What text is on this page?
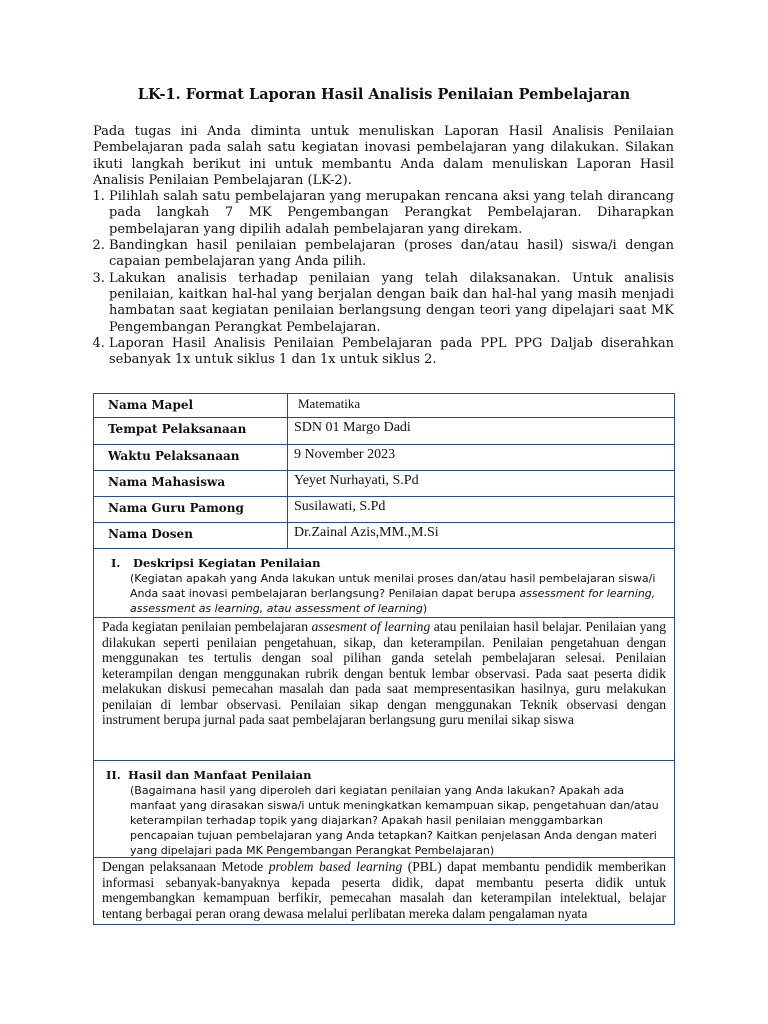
LK-1. Format Laporan Hasil Analisis Penilaian Pembelajaran

Pada tugas ini Anda diminta untuk menuliskan Laporan Hasil Analisis Penilaian Pembelajaran pada salah satu kegiatan inovasi pembelajaran yang dilakukan. Silakan ikuti langkah berikut ini untuk membantu Anda dalam menuliskan Laporan Hasil Analisis Penilaian Pembelajaran (LK-2).

1. Pilihlah salah satu pembelajaran yang merupakan rencana aksi yang telah dirancang pada langkah 7 MK Pengembangan Perangkat Pembelajaran. Diharapkan pembelajaran yang dipilih adalah pembelajaran yang direkam.
2. Bandingkan hasil penilaian pembelajaran (proses dan/atau hasil) siswa/i dengan capaian pembelajaran yang Anda pilih.
3. Lakukan analisis terhadap penilaian yang telah dilaksanakan. Untuk analisis penilaian, kaitkan hal-hal yang berjalan dengan baik dan hal-hal yang masih menjadi hambatan saat kegiatan penilaian berlangsung dengan teori yang dipelajari saat MK Pengembangan Perangkat Pembelajaran.
4. Laporan Hasil Analisis Penilaian Pembelajaran pada PPL PPG Daljab diserahkan sebanyak 1x untuk siklus 1 dan 1x untuk siklus 2.
Nama Mapel	Matematika
Tempat Pelaksanaan	SDN 01 Margo Dadi
Waktu Pelaksanaan	9 November 2023
Nama Mahasiswa	Yeyet Nurhayati, S.Pd
Nama Guru Pamong	Susilawati, S.Pd
Nama Dosen	Dr.Zainal Azis,MM.,M.Si
I. Deskripsi Kegiatan Penilaian
(Kegiatan apakah yang Anda lakukan untuk menilai proses dan/atau hasil pembelajaran siswa/i Anda saat inovasi pembelajaran berlangsung? Penilaian dapat berupa assessment for learning, assessment as learning, atau assessment of learning)

Pada kegiatan penilaian pembelajaran assesment of learning atau penilaian hasil belajar. Penilaian yang dilakukan seperti penilaian pengetahuan, sikap, dan keterampilan. Penilaian pengetahuan dengan menggunakan tes tertulis dengan soal pilihan ganda setelah pembelajaran selesai. Penilaian keterampilan dengan menggunakan rubrik dengan bentuk lembar observasi. Pada saat peserta didik melakukan diskusi pemecahan masalah dan pada saat mempresentasikan hasilnya, guru melakukan penilaian di lembar observasi. Penilaian sikap dengan menggunakan Teknik observasi dengan instrument berupa jurnal pada saat pembelajaran berlangsung guru menilai sikap siswa

II. Hasil dan Manfaat Penilaian
(Bagaimana hasil yang diperoleh dari kegiatan penilaian yang Anda lakukan? Apakah ada manfaat yang dirasakan siswa/i untuk meningkatkan kemampuan sikap, pengetahuan dan/atau keterampilan terhadap topik yang diajarkan? Apakah hasil penilaian menggambarkan pencapaian tujuan pembelajaran yang Anda tetapkan? Kaitkan penjelasan Anda dengan materi yang dipelajari pada MK Pengembangan Perangkat Pembelajaran)

Dengan pelaksanaan Metode problem based learning (PBL) dapat membantu pendidik memberikan informasi sebanyak-banyaknya kepada peserta didik, dapat membantu peserta didik untuk mengembangkan kemampuan berfikir, pemecahan masalah dan keterampilan intelektual, belajar tentang berbagai peran orang dewasa melalui perlibatan mereka dalam pengalaman nyata
